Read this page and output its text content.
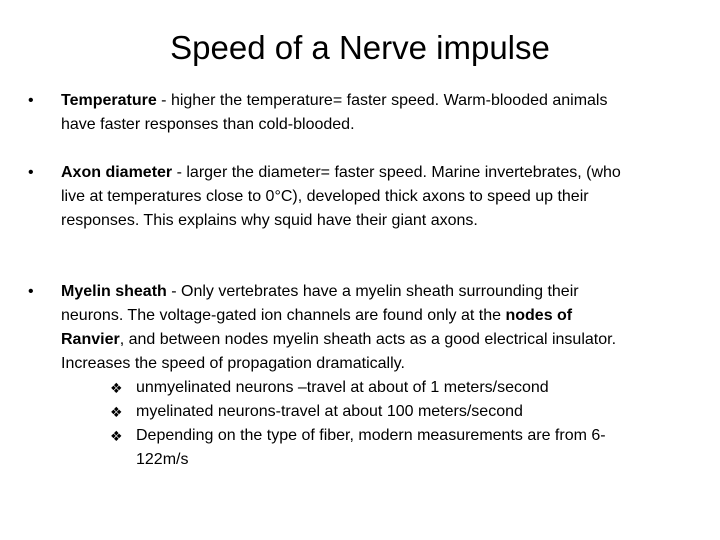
Speed of a Nerve impulse
•	Temperature - higher the temperature= faster speed. Warm-blooded animals have faster responses than cold-blooded.
•	Axon diameter - larger the diameter= faster speed. Marine invertebrates, (who live at temperatures close to 0°C), developed thick axons to speed up their responses. This explains why squid have their giant axons.
•	Myelin sheath - Only vertebrates have a myelin sheath surrounding their neurons. The voltage-gated ion channels are found only at the nodes of Ranvier, and between nodes myelin sheath acts as a good electrical insulator. Increases the speed of propagation dramatically.
❖ unmyelinated neurons –travel at about of 1 meters/second
❖ myelinated neurons-travel at about 100 meters/second
❖ Depending on the type of fiber, modern measurements are from 6-122m/s
